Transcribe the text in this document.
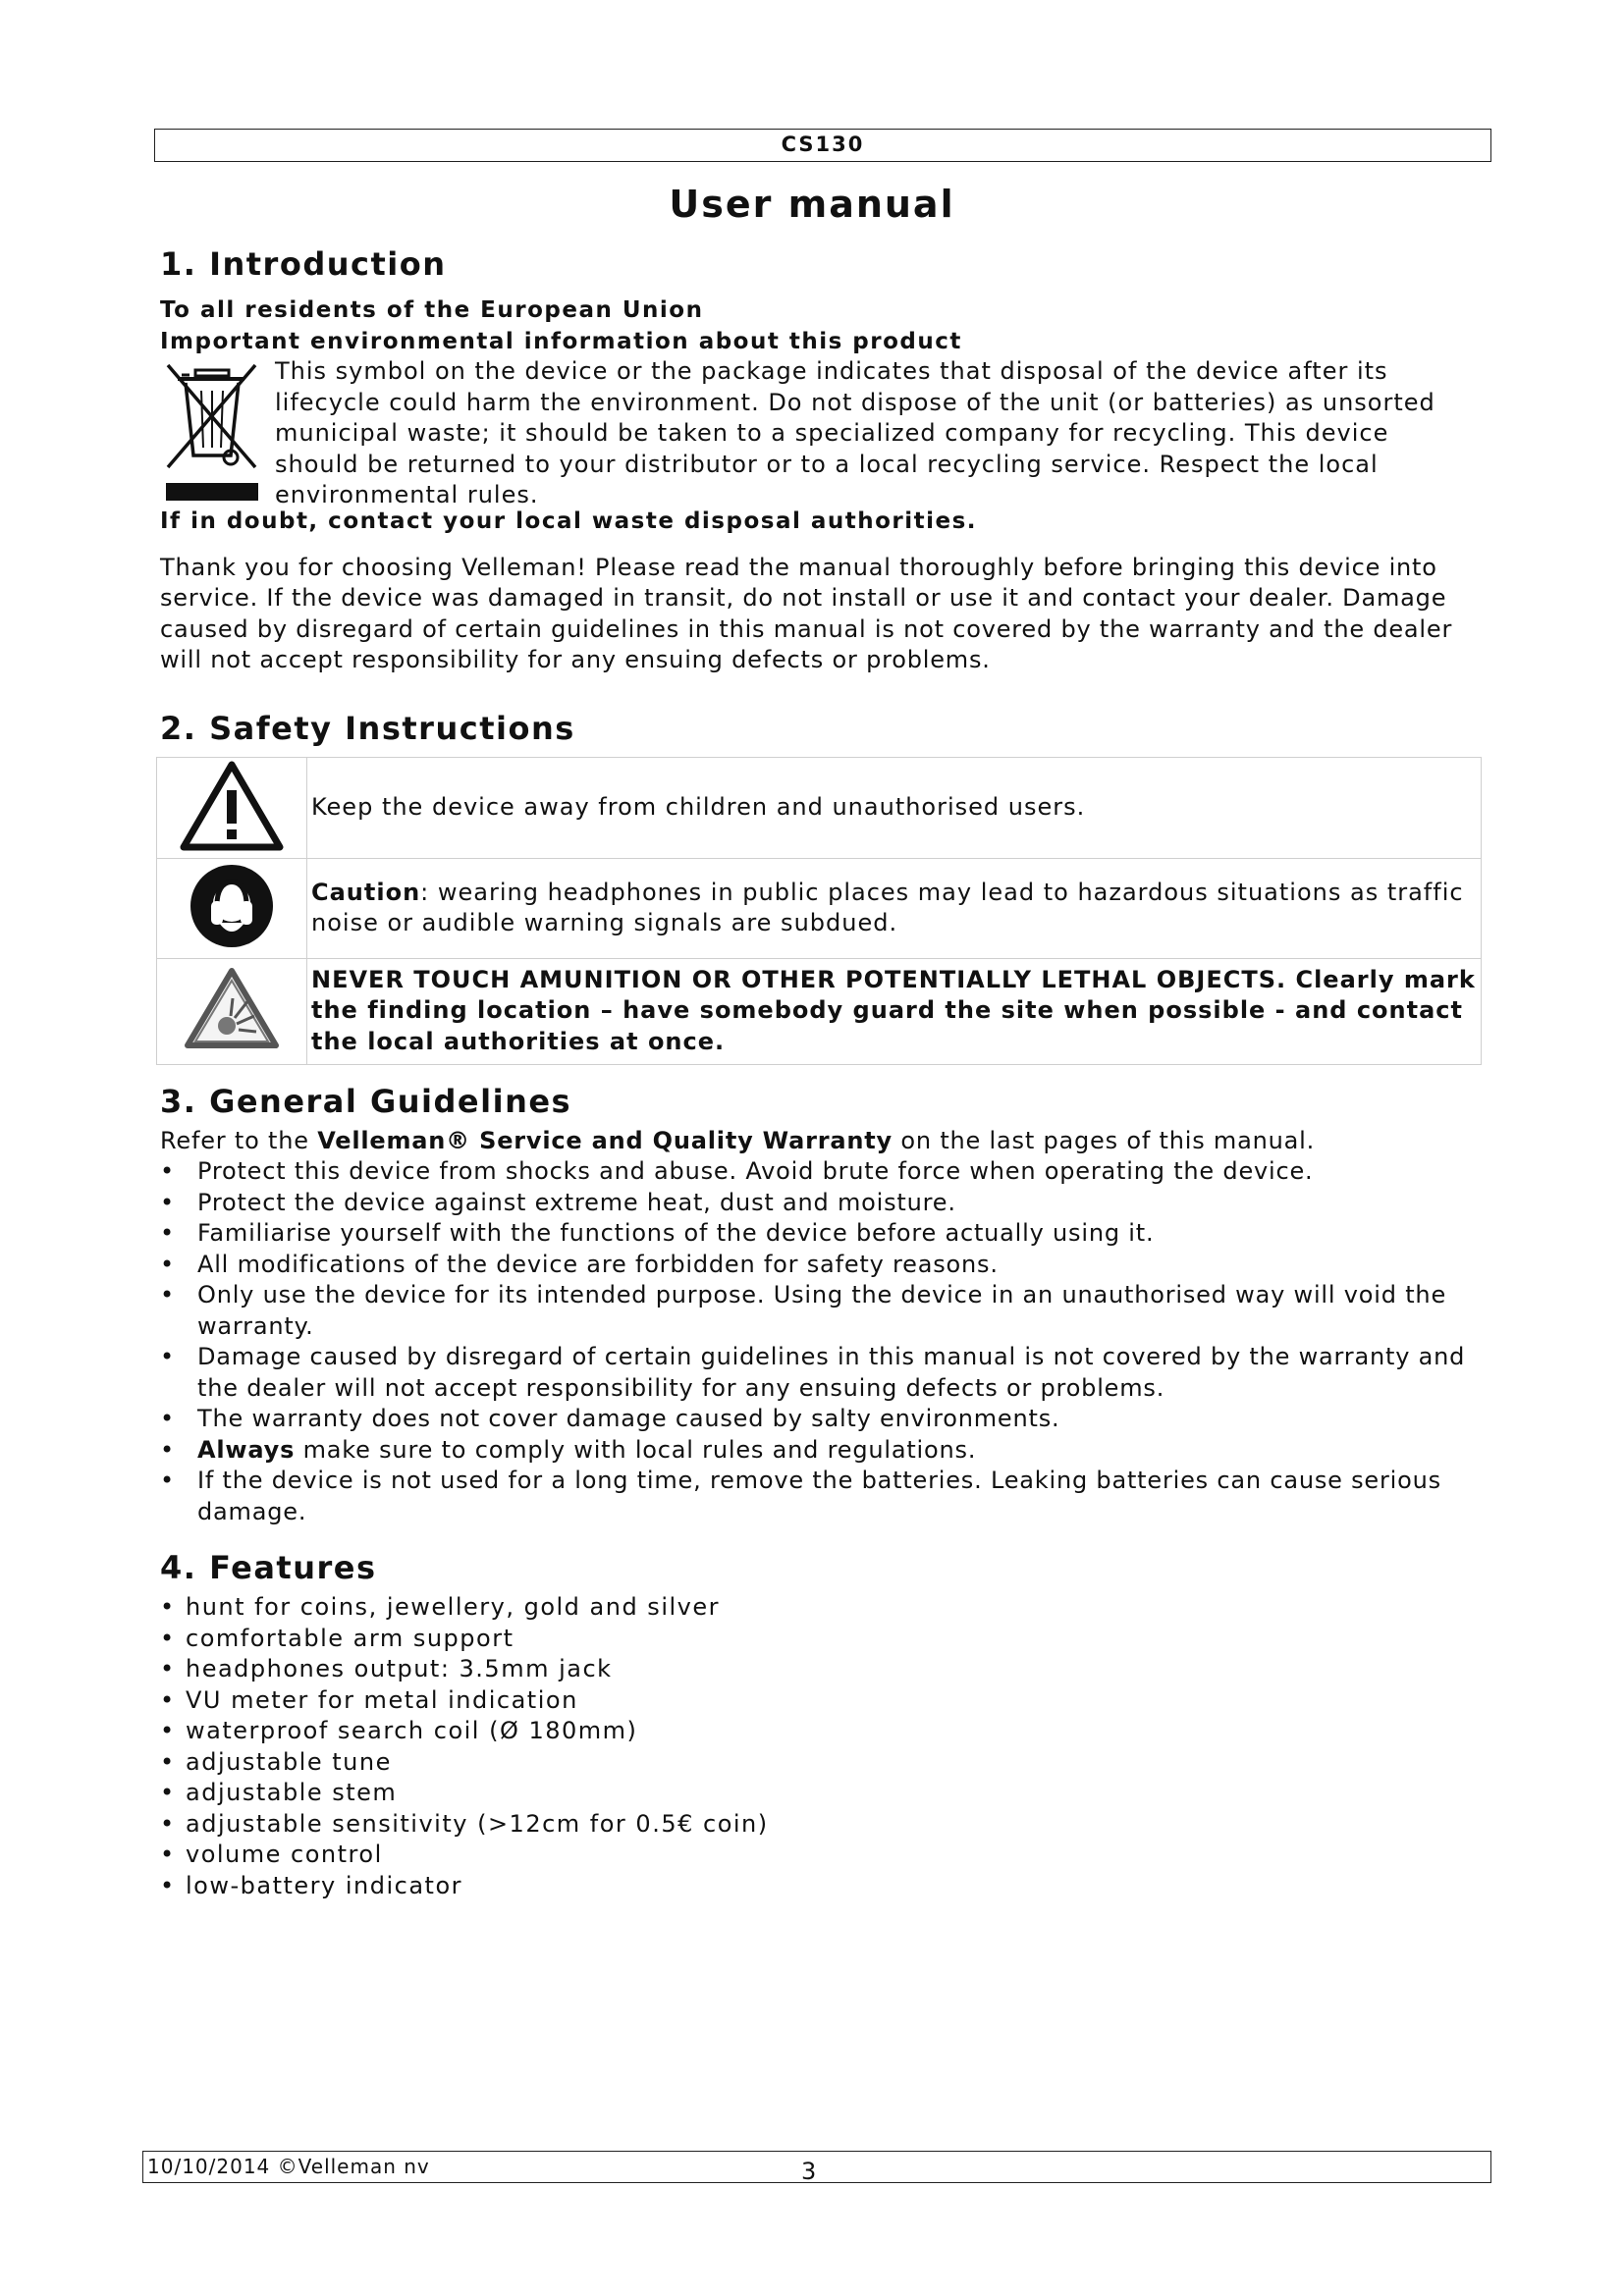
CS130
User manual
1. Introduction

To all residents of the European Union

Important environmental information about this product

This symbol on the device or the package indicates that disposal of the device after its lifecycle could harm the environment. Do not dispose of the unit (or batteries) as unsorted municipal waste; it should be taken to a specialized company for recycling. This device should be returned to your distributor or to a local recycling service. Respect the local environmental rules.

If in doubt, contact your local waste disposal authorities.

Thank you for choosing Velleman! Please read the manual thoroughly before bringing this device into service. If the device was damaged in transit, do not install or use it and contact your dealer. Damage caused by disregard of certain guidelines in this manual is not covered by the warranty and the dealer will not accept responsibility for any ensuing defects or problems.

2. Safety Instructions
	Keep the device away from children and unauthorised users.
	Caution: wearing headphones in public places may lead to hazardous situations as traffic noise or audible warning signals are subdued.
	NEVER TOUCH AMUNITION OR OTHER POTENTIALLY LETHAL OBJECTS. Clearly mark the finding location – have somebody guard the site when possible - and contact the local authorities at once.
3. General Guidelines

Refer to the Velleman® Service and Quality Warranty on the last pages of this manual.

• Protect this device from shocks and abuse. Avoid brute force when operating the device.
• Protect the device against extreme heat, dust and moisture.
• Familiarise yourself with the functions of the device before actually using it.
• All modifications of the device are forbidden for safety reasons.
• Only use the device for its intended purpose. Using the device in an unauthorised way will void the warranty.
• Damage caused by disregard of certain guidelines in this manual is not covered by the warranty and the dealer will not accept responsibility for any ensuing defects or problems.
• The warranty does not cover damage caused by salty environments.
• Always make sure to comply with local rules and regulations.
• If the device is not used for a long time, remove the batteries. Leaking batteries can cause serious damage.
4. Features
• hunt for coins, jewellery, gold and silver
• comfortable arm support
• headphones output: 3.5mm jack
• VU meter for metal indication
• waterproof search coil (Ø 180mm)
• adjustable tune
• adjustable stem
• adjustable sensitivity (>12cm for 0.5€ coin)
• volume control
• low-battery indicator
10/10/2014 ©Velleman nv	3
